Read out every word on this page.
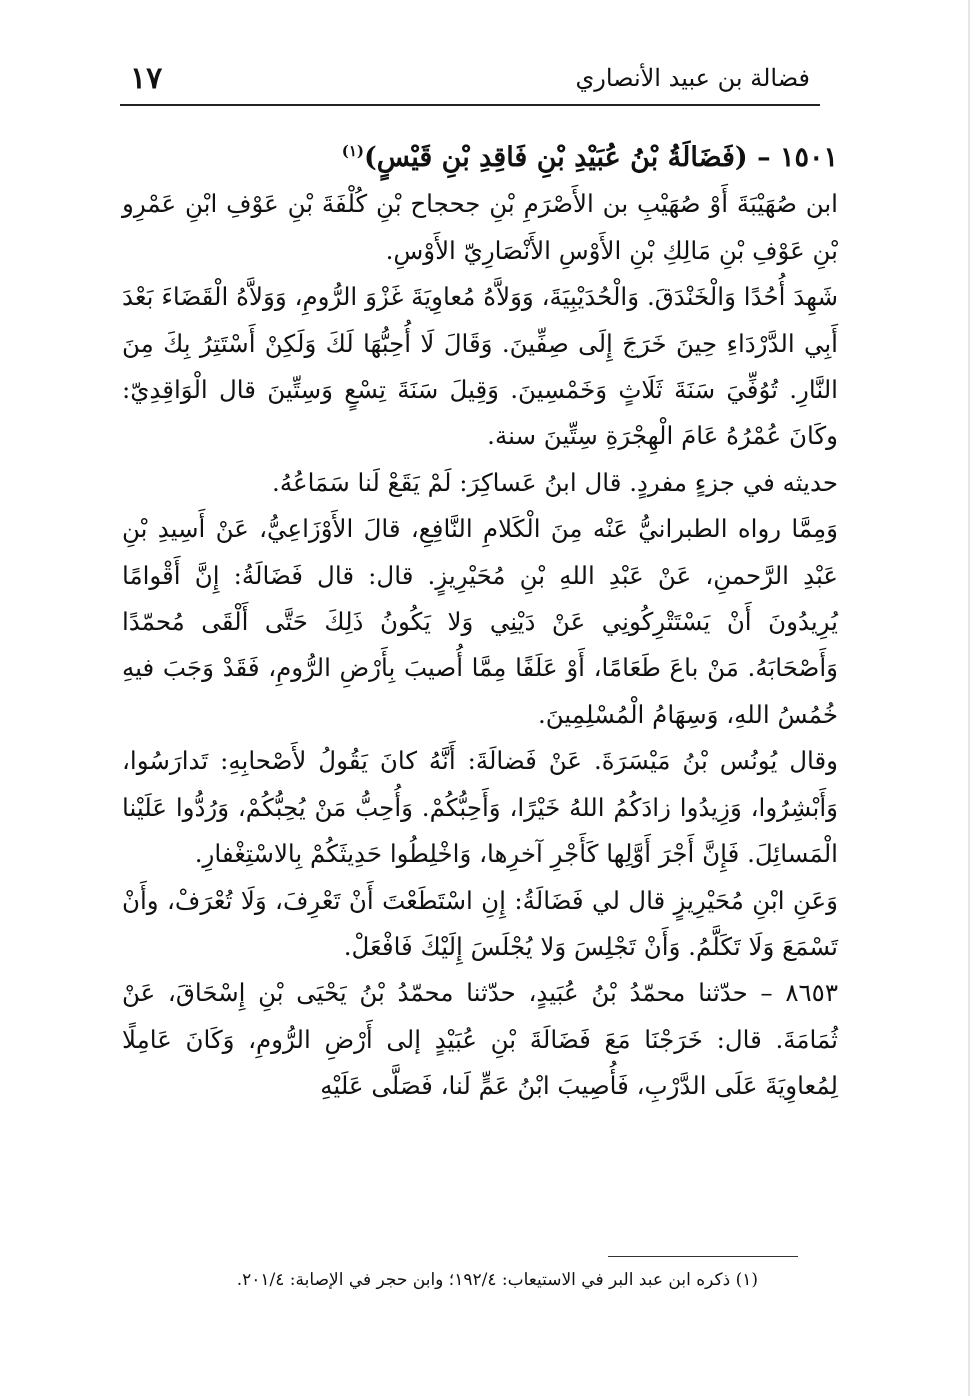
١٧	فضالة بن عبيد الأنصاري

١٥٠١ – (فَضَالَةُ بْنُ عُبَيْدِ بْنِ فَاقِدِ بْنِ قَيْسٍ)$^{(١)}$

ابن صُهَيْبَةَ أَوْ صُهَيْبِ بن الأَصْرَمِ بْنِ جحجاح بْنِ كُلْفَةَ بْنِ عَوْفِ ابْنِ عَمْرِو بْنِ عَوْفِ بْنِ مَالِكِ بْنِ الأَوْسِ الأَنْصَارِيّ الأَوْسِ.

شَهِدَ أُحُدًا وَالْخَنْدَقَ. وَالْحُدَيْبِيَةَ، وَوَلاَّهُ مُعاوِيَةَ غَزْوَ الرُّومِ، وَوَلاَّهُ الْقَضَاءَ بَعْدَ أَبِي الدَّرْدَاءِ حِينَ خَرَجَ إِلَى صِفِّينَ. وَقَالَ لَا أُحِبُّهَا لَكَ وَلَكِنْ أَسْتَتِرُ بِكَ مِنَ النَّارِ. تُوُفِّيَ سَنَةَ ثَلَاثٍ وَخَمْسِينَ. وَقِيلَ سَنَةَ تِسْعٍ وَسِتِّينَ قال الْوَاقِدِيّ: وكَانَ عُمْرُهُ عَامَ الْهِجْرَةِ سِتِّينَ سنة.

حديثه في جزءٍ مفردٍ. قال ابنُ عَساكِرَ: لَمْ يَقَعْ لَنا سَمَاعُهُ.

وَمِمَّا رواه الطبرانيُّ عَنْه مِنَ الْكَلامِ النَّافِعِ، قالَ الأَوْزَاعِيُّ، عَنْ أَسِيدِ بْنِ عَبْدِ الرَّحمنِ، عَنْ عَبْدِ اللهِ بْنِ مُحَيْرِيزٍ. قال: قال فَضَالَةُ: إِنَّ أَقْوامًا يُرِيدُونَ أَنْ يَسْتَتْرِكُونِي عَنْ دَيْنِي وَلا يَكُونُ ذَلِكَ حَتَّى أَلْقَى مُحمّدًا وَأَصْحَابَهُ. مَنْ باعَ طَعَامًا، أَوْ عَلَفًا مِمَّا أُصيبَ بِأَرْضِ الرُّومِ، فَقَدْ وَجَبَ فيهِ خُمُسُ اللهِ، وَسِهَامُ الْمُسْلِمِينَ.

وقال يُونُس بْنُ مَيْسَرَةَ. عَنْ فَضالَةَ: أَنَّهُ كانَ يَقُولُ لأَصْحابِهِ: تَدارَسُوا، وَأَبْشِرُوا، وَزِيدُوا زادَكُمُ اللهُ خَيْرًا، وَأَحِبُّكُمْ. وَأُحِبُّ مَنْ يُحِبُّكُمْ، وَرُدُّوا عَلَيْنا الْمَسائِلَ. فَإِنَّ أَجْرَ أَوَّلِها كَأَجْرِ آخرِها، وَاخْلِطُوا حَدِيثَكُمْ بِالاسْتِغْفارِ.

وَعَنِ ابْنِ مُحَيْرِيزٍ قال لي فَضَالَةُ: إِنِ اسْتَطَعْتَ أَنْ تَعْرِفَ، وَلَا تُعْرَفْ، وأَنْ تَسْمَعَ وَلَا تَكَلَّمُ. وَأَنْ تَجْلِسَ وَلا يُجْلَسَ إِلَيْكَ فَافْعَلْ.

٨٦٥٣ – حدّثنا محمّدُ بْنُ عُبَيدٍ، حدّثنا محمّدُ بْنُ يَحْيَى بْنِ إِسْحَاقَ، عَنْ ثُمَامَةَ. قال: خَرَجْنَا مَعَ فَضَالَةَ بْنِ عُبَيْدٍ إلى أَرْضِ الرُّومِ، وَكَانَ عَامِلًا لِمُعاوِيَةَ عَلَى الدَّرْبِ، فَأُصِيبَ ابْنُ عَمٍّ لَنا، فَصَلَّى عَلَيْهِ

(١) ذكره ابن عبد البر في الاستيعاب: ١٩٢/٤؛ وابن حجر في الإصابة: ٢٠١/٤.
